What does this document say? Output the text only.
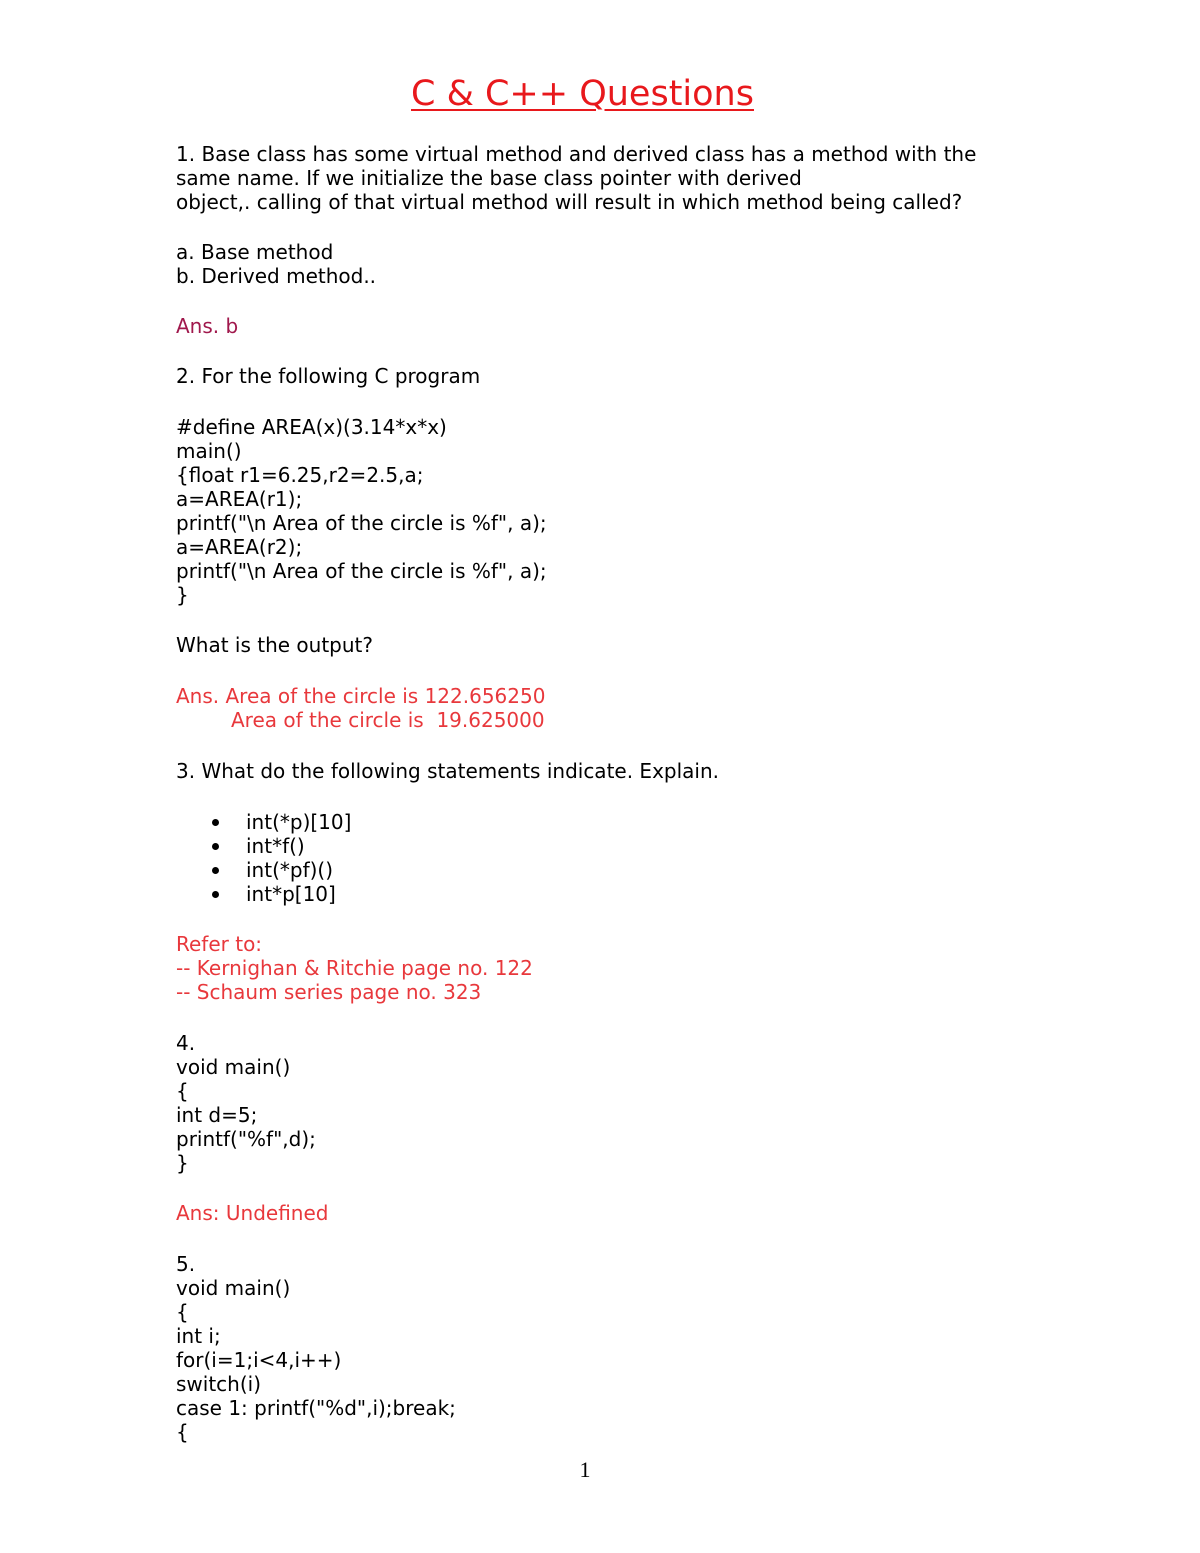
C & C++ Questions

1. Base class has some virtual method and derived class has a method with the

same name. If we initialize the base class pointer with derived

object,. calling of that virtual method will result in which method being called?

a. Base method

b. Derived method..

Ans. b

2. For the following C program

#define AREA(x)(3.14*x*x)

main()

{float r1=6.25,r2=2.5,a;

a=AREA(r1);

printf("\n Area of the circle is %f", a);

a=AREA(r2);

printf("\n Area of the circle is %f", a);

}

What is the output?

Ans. Area of the circle is 122.656250

Area of the circle is  19.625000

3. What do the following statements indicate. Explain.

int(*p)[10]
int*f()
int(*pf)()
int*p[10]

Refer to:

-- Kernighan & Ritchie page no. 122

-- Schaum series page no. 323

4.

void main()

{

int d=5;

printf("%f",d);

}

Ans: Undefined

5.

void main()

{

int i;

for(i=1;i<4,i++)

switch(i)

case 1: printf("%d",i);break;

{

1
